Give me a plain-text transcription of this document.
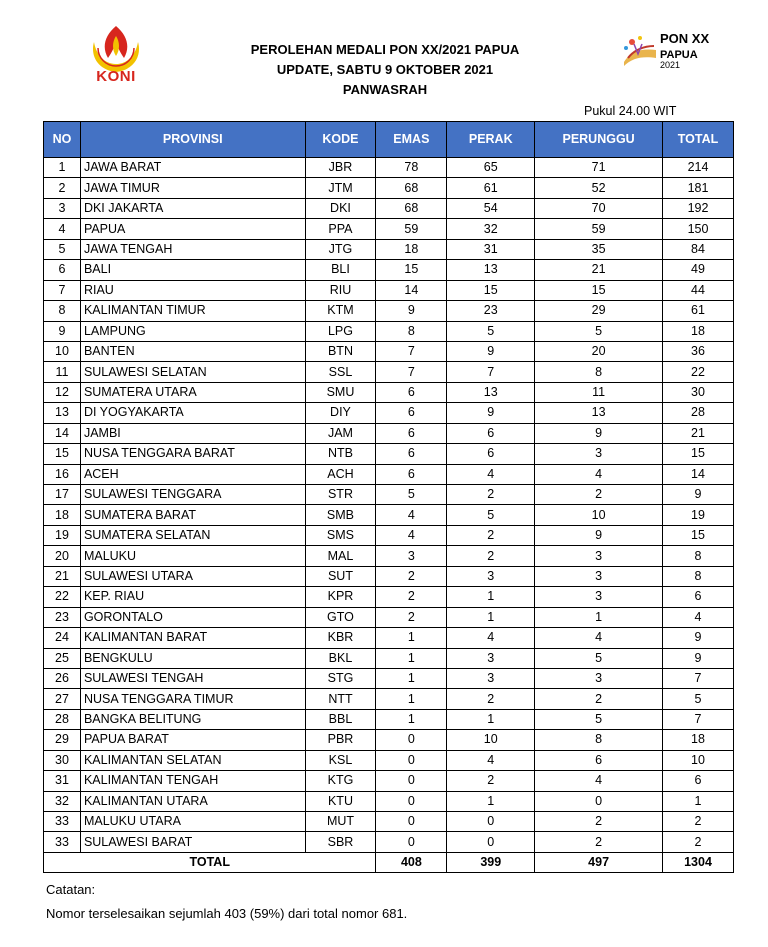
KONI
PON XX
PAPUA
2021
PEROLEHAN MEDALI PON XX/2021 PAPUA
UPDATE, SABTU 9 OKTOBER 2021
PANWASRAH
Pukul 24.00 WIT
NO	PROVINSI	KODE	EMAS	PERAK	PERUNGGU	TOTAL
1	JAWA BARAT	JBR	78	65	71	214
2	JAWA TIMUR	JTM	68	61	52	181
3	DKI JAKARTA	DKI	68	54	70	192
4	PAPUA	PPA	59	32	59	150
5	JAWA TENGAH	JTG	18	31	35	84
6	BALI	BLI	15	13	21	49
7	RIAU	RIU	14	15	15	44
8	KALIMANTAN TIMUR	KTM	9	23	29	61
9	LAMPUNG	LPG	8	5	5	18
10	BANTEN	BTN	7	9	20	36
11	SULAWESI SELATAN	SSL	7	7	8	22
12	SUMATERA UTARA	SMU	6	13	11	30
13	DI YOGYAKARTA	DIY	6	9	13	28
14	JAMBI	JAM	6	6	9	21
15	NUSA TENGGARA BARAT	NTB	6	6	3	15
16	ACEH	ACH	6	4	4	14
17	SULAWESI TENGGARA	STR	5	2	2	9
18	SUMATERA BARAT	SMB	4	5	10	19
19	SUMATERA SELATAN	SMS	4	2	9	15
20	MALUKU	MAL	3	2	3	8
21	SULAWESI UTARA	SUT	2	3	3	8
22	KEP. RIAU	KPR	2	1	3	6
23	GORONTALO	GTO	2	1	1	4
24	KALIMANTAN BARAT	KBR	1	4	4	9
25	BENGKULU	BKL	1	3	5	9
26	SULAWESI TENGAH	STG	1	3	3	7
27	NUSA TENGGARA TIMUR	NTT	1	2	2	5
28	BANGKA BELITUNG	BBL	1	1	5	7
29	PAPUA BARAT	PBR	0	10	8	18
30	KALIMANTAN SELATAN	KSL	0	4	6	10
31	KALIMANTAN TENGAH	KTG	0	2	4	6
32	KALIMANTAN UTARA	KTU	0	1	0	1
33	MALUKU UTARA	MUT	0	0	2	2
33	SULAWESI BARAT	SBR	0	0	2	2
TOTAL			408	399	497	1304
Catatan:
Nomor terselesaikan sejumlah 403 (59%) dari total nomor 681.
